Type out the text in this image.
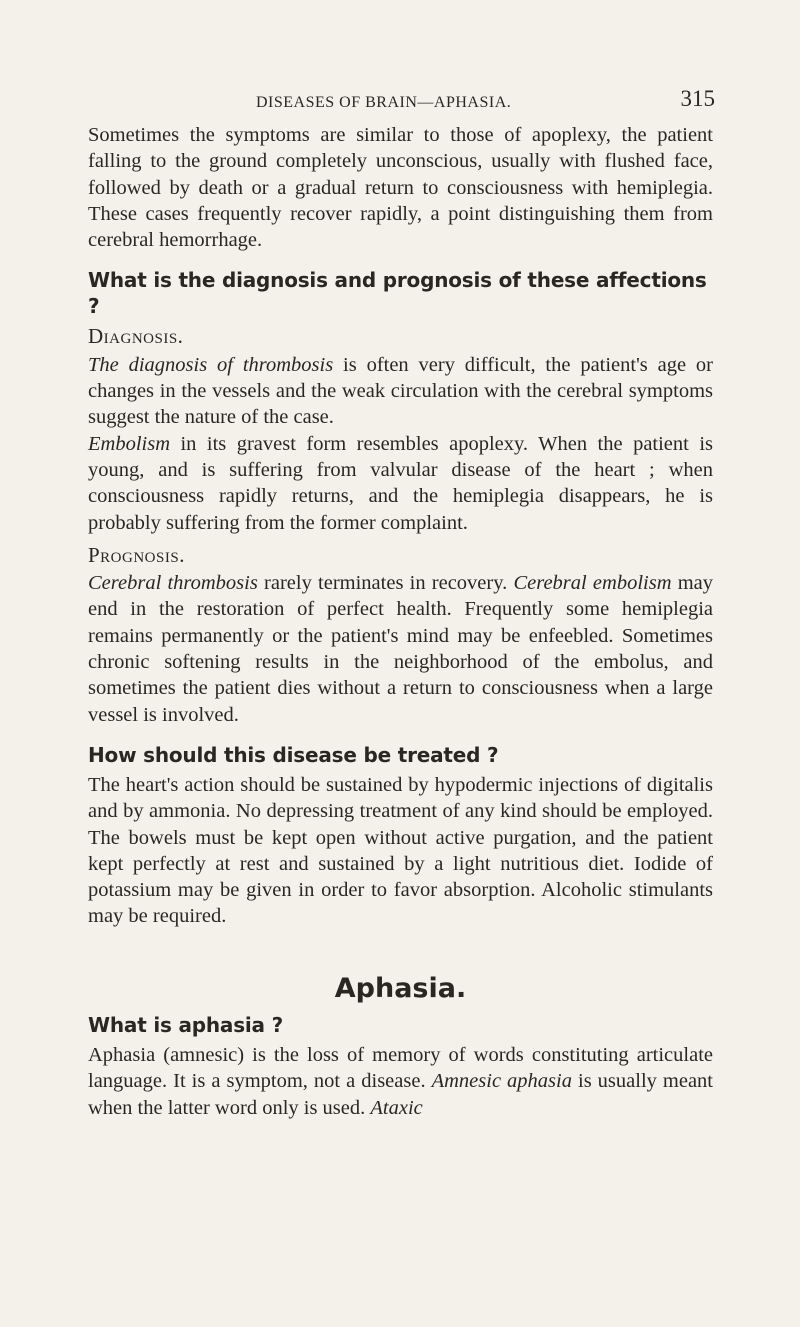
DISEASES OF BRAIN—APHASIA.	315

Sometimes the symptoms are similar to those of apoplexy, the patient falling to the ground completely unconscious, usually with flushed face, followed by death or a gradual return to consciousness with hemiplegia. These cases frequently recover rapidly, a point distinguishing them from cerebral hemorrhage.

What is the diagnosis and prognosis of these affections ?
Diagnosis.

The diagnosis of thrombosis is often very difficult, the patient's age or changes in the vessels and the weak circulation with the cerebral symptoms suggest the nature of the case.

Embolism in its gravest form resembles apoplexy. When the patient is young, and is suffering from valvular disease of the heart ; when consciousness rapidly returns, and the hemiplegia disappears, he is probably suffering from the former complaint.

Prognosis.

Cerebral thrombosis rarely terminates in recovery. Cerebral embolism may end in the restoration of perfect health. Frequently some hemiplegia remains permanently or the patient's mind may be enfeebled. Sometimes chronic softening results in the neighborhood of the embolus, and sometimes the patient dies without a return to consciousness when a large vessel is involved.

How should this disease be treated ?

The heart's action should be sustained by hypodermic injections of digitalis and by ammonia. No depressing treatment of any kind should be employed. The bowels must be kept open without active purgation, and the patient kept perfectly at rest and sustained by a light nutritious diet. Iodide of potassium may be given in order to favor absorption. Alcoholic stimulants may be required.

Aphasia.
What is aphasia ?

Aphasia (amnesic) is the loss of memory of words constituting articulate language. It is a symptom, not a disease. Amnesic aphasia is usually meant when the latter word only is used. Ataxic
